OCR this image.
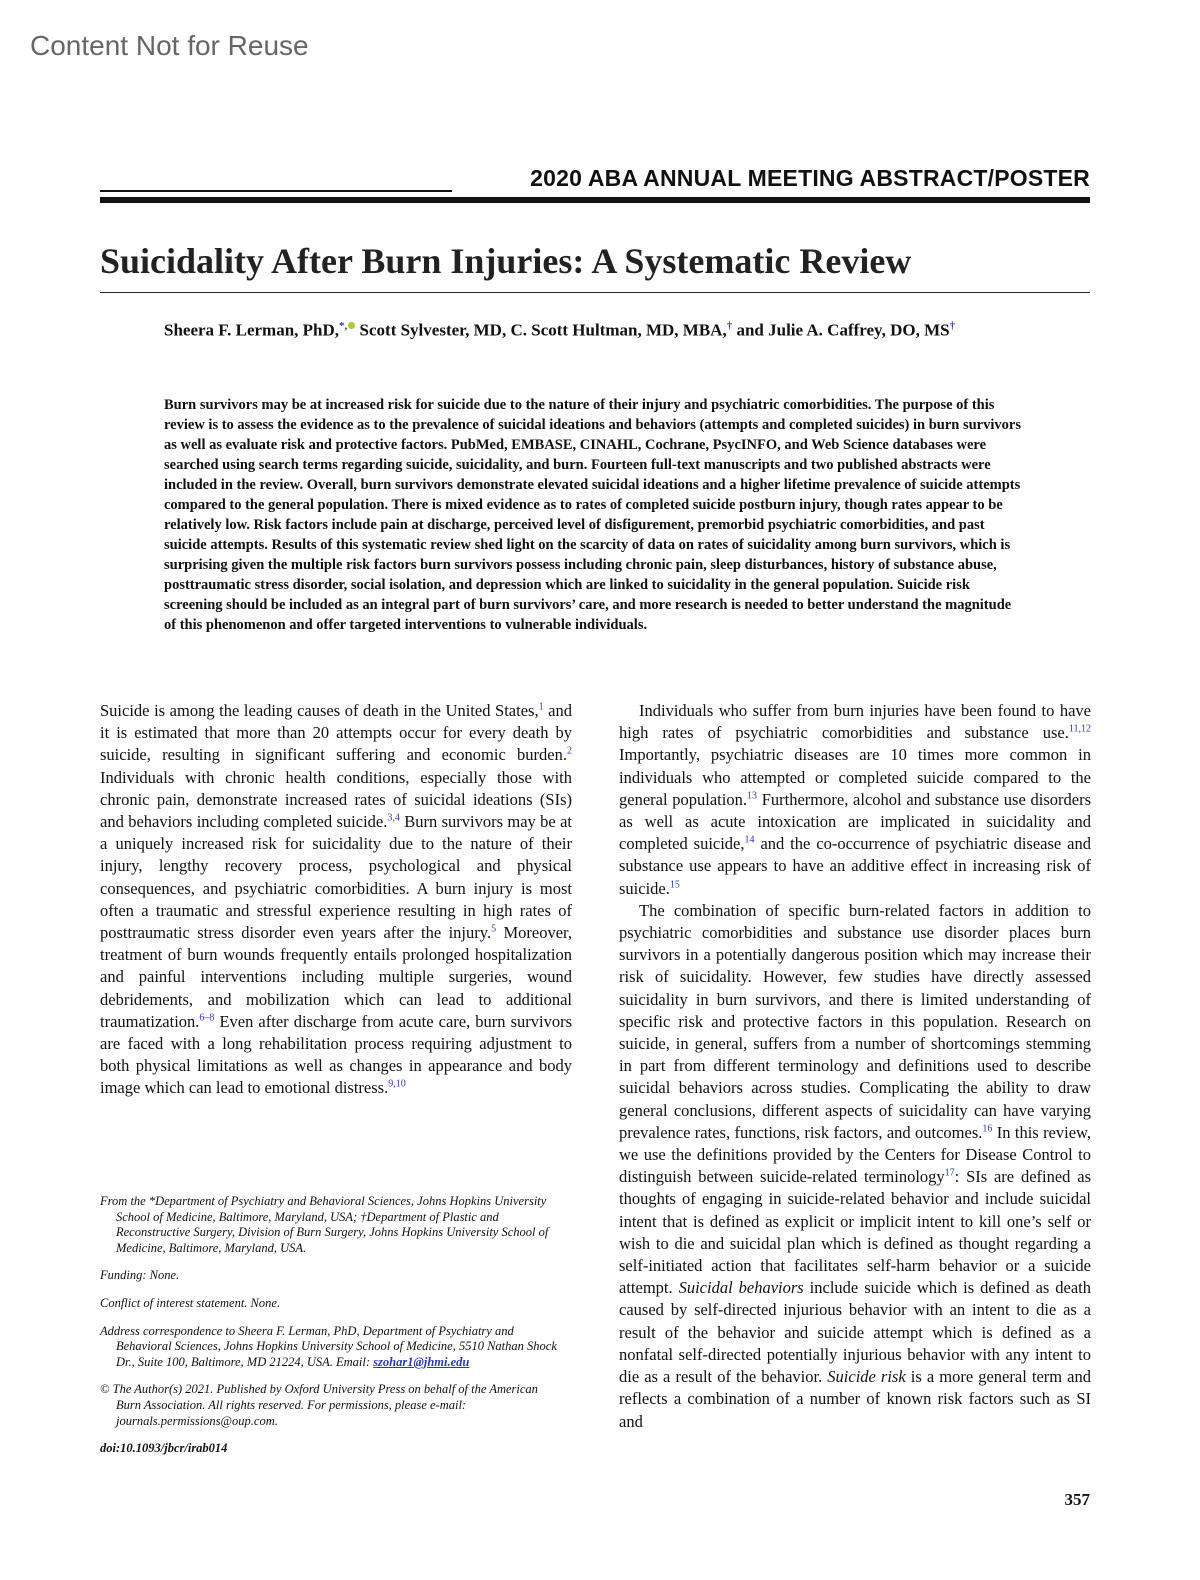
Content Not for Reuse
2020 ABA ANNUAL MEETING ABSTRACT/POSTER
Suicidality After Burn Injuries: A Systematic Review
Sheera F. Lerman, PhD,*, Scott Sylvester, MD, C. Scott Hultman, MD, MBA,† and Julie A. Caffrey, DO, MS†

Burn survivors may be at increased risk for suicide due to the nature of their injury and psychiatric comorbidities. The purpose of this review is to assess the evidence as to the prevalence of suicidal ideations and behaviors (attempts and completed suicides) in burn survivors as well as evaluate risk and protective factors. PubMed, EMBASE, CINAHL, Cochrane, PsycINFO, and Web Science databases were searched using search terms regarding suicide, suicidality, and burn. Fourteen full-text manuscripts and two published abstracts were included in the review. Overall, burn survivors demonstrate elevated suicidal ideations and a higher lifetime prevalence of suicide attempts compared to the general population. There is mixed evidence as to rates of completed suicide postburn injury, though rates appear to be relatively low. Risk factors include pain at discharge, perceived level of disfigurement, premorbid psychiatric comorbidities, and past suicide attempts. Results of this systematic review shed light on the scarcity of data on rates of suicidality among burn survivors, which is surprising given the multiple risk factors burn survivors possess including chronic pain, sleep disturbances, history of substance abuse, posttraumatic stress disorder, social isolation, and depression which are linked to suicidality in the general population. Suicide risk screening should be included as an integral part of burn survivors’ care, and more research is needed to better understand the magnitude of this phenomenon and offer targeted interventions to vulnerable individuals.

Suicide is among the leading causes of death in the United States,$^1$ and it is estimated that more than 20 attempts occur for every death by suicide, resulting in significant suffering and economic burden.$^2$ Individuals with chronic health conditions, especially those with chronic pain, demonstrate increased rates of suicidal ideations (SIs) and behaviors including completed suicide.$^{3,4}$ Burn survivors may be at a uniquely increased risk for suicidality due to the nature of their injury, lengthy recovery process, psychological and physical consequences, and psychiatric comorbidities. A burn injury is most often a traumatic and stressful experience resulting in high rates of posttraumatic stress disorder even years after the injury.$^5$ Moreover, treatment of burn wounds frequently entails prolonged hospitalization and painful interventions including multiple surgeries, wound debridements, and mobilization which can lead to additional traumatization.$^{6-8}$ Even after discharge from acute care, burn survivors are faced with a long rehabilitation process requiring adjustment to both physical limitations as well as changes in appearance and body image which can lead to emotional distress.$^{9,10}$

From the *Department of Psychiatry and Behavioral Sciences, Johns Hopkins University School of Medicine, Baltimore, Maryland, USA; †Department of Plastic and Reconstructive Surgery, Division of Burn Surgery, Johns Hopkins University School of Medicine, Baltimore, Maryland, USA.

Funding: None.

Conflict of interest statement. None.

Address correspondence to Sheera F. Lerman, PhD, Department of Psychiatry and Behavioral Sciences, Johns Hopkins University School of Medicine, 5510 Nathan Shock Dr., Suite 100, Baltimore, MD 21224, USA. Email: szohar1@jhmi.edu

© The Author(s) 2021. Published by Oxford University Press on behalf of the American Burn Association. All rights reserved. For permissions, please e-mail: journals.permissions@oup.com.

doi:10.1093/jbcr/irab014

Individuals who suffer from burn injuries have been found to have high rates of psychiatric comorbidities and substance use.$^{11,12}$ Importantly, psychiatric diseases are 10 times more common in individuals who attempted or completed suicide compared to the general population.$^{13}$ Furthermore, alcohol and substance use disorders as well as acute intoxication are implicated in suicidality and completed suicide,$^{14}$ and the co-occurrence of psychiatric disease and substance use appears to have an additive effect in increasing risk of suicide.$^{15}$

The combination of specific burn-related factors in addition to psychiatric comorbidities and substance use disorder places burn survivors in a potentially dangerous position which may increase their risk of suicidality. However, few studies have directly assessed suicidality in burn survivors, and there is limited understanding of specific risk and protective factors in this population. Research on suicide, in general, suffers from a number of shortcomings stemming in part from different terminology and definitions used to describe suicidal behaviors across studies. Complicating the ability to draw general conclusions, different aspects of suicidality can have varying prevalence rates, functions, risk factors, and outcomes.$^{16}$ In this review, we use the definitions provided by the Centers for Disease Control to distinguish between suicide-related terminology$^{17}$: SIs are defined as thoughts of engaging in suicide-related behavior and include suicidal intent that is defined as explicit or implicit intent to kill one’s self or wish to die and suicidal plan which is defined as thought regarding a self-initiated action that facilitates self-harm behavior or a suicide attempt. Suicidal behaviors include suicide which is defined as death caused by self-directed injurious behavior with an intent to die as a result of the behavior and suicide attempt which is defined as a nonfatal self-directed potentially injurious behavior with any intent to die as a result of the behavior. Suicide risk is a more general term and reflects a combination of a number of known risk factors such as SI and

357
